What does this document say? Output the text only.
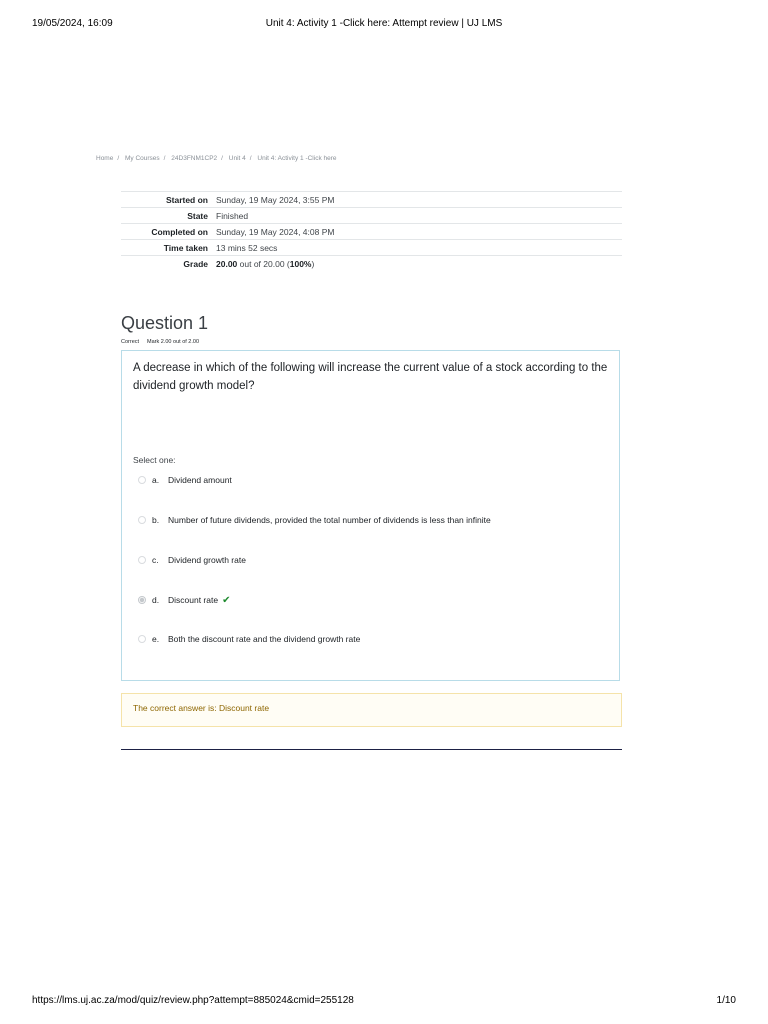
19/05/2024, 16:09	Unit 4: Activity 1 -Click here: Attempt review | UJ LMS
Home / My Courses / 24D3FNM1CP2 / Unit 4 / Unit 4: Activity 1 -Click here
Started on	Sunday, 19 May 2024, 3:55 PM
State	Finished
Completed on	Sunday, 19 May 2024, 4:08 PM
Time taken	13 mins 52 secs
Grade	20.00 out of 20.00 (100%)
Question 1
Correct Mark 2.00 out of 2.00
A decrease in which of the following will increase the current value of a stock according to the dividend growth model?
Select one:
a.	Dividend amount
b.	Number of future dividends, provided the total number of dividends is less than infinite
c.	Dividend growth rate
d.	Discount rate ✔
e.	Both the discount rate and the dividend growth rate
The correct answer is: Discount rate
https://lms.uj.ac.za/mod/quiz/review.php?attempt=885024&cmid=255128	1/10
